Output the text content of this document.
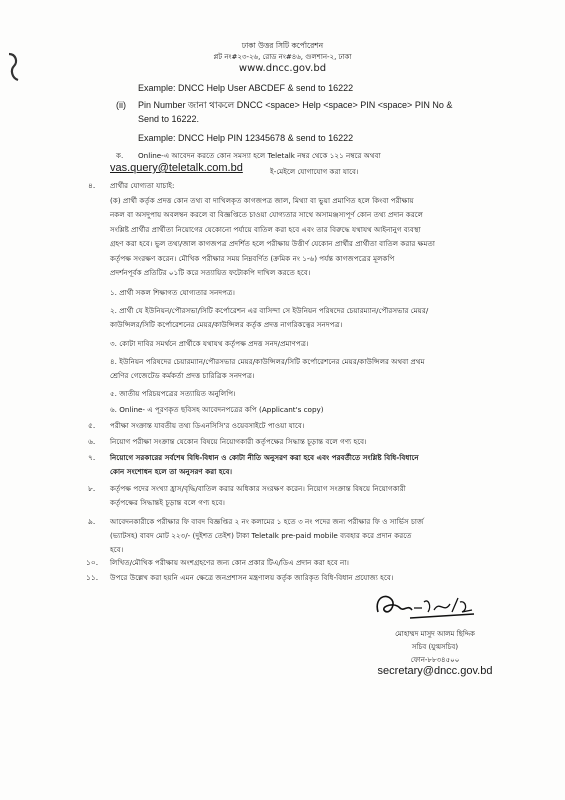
ঢাকা উত্তর সিটি কর্পোরেশন
প্লট নং#২৩-২৬, রোড নং#৪৬, গুলশান-২, ঢাকা
www.dncc.gov.bd
Example: DNCC Help User ABCDEF & send to 16222
(ii) Pin Number জানা থাকলে DNCC <space> Help <space> PIN <space> PIN No &
Send to 16222.
Example: DNCC Help PIN 12345678 & send to 16222
ক. Online-এ আবেদন করতে কোন সমস্যা হলে Teletalk নম্বর থেকে ১২১ নম্বরে অথবা
vas.query@teletalk.com.bd	ই-মেইলে যোগাযোগ করা যাবে।
৪. প্রার্থীর যোগ্যতা যাচাই:
(ক) প্রার্থী কর্তৃক প্রদত্ত কোন তথ্য বা দাখিলকৃত কাগজপত্র জাল, মিথ্যা বা ভুয়া প্রমাণিত হলে কিংবা পরীক্ষায়
নকল বা অসদুপায় অবলম্বন করলে বা বিজ্ঞপ্তিতে চাওয়া যোগ্যতার সাথে অসামঞ্জস্যপূর্ণ কোন তথ্য প্রদান করলে
সংশ্লিষ্ট প্রার্থীর প্রার্থীতা নিয়োগের যেকোনো পর্যায়ে বাতিল করা হবে এবং তার বিরুদ্ধে যথাযথ আইনানুগ ব্যবস্থা
গ্রহণ করা হবে। ভুল তথ্য/জাল কাগজপত্র প্রদর্শিত হলে পরীক্ষায় উত্তীর্ণ যেকোন প্রার্থীর প্রার্থীতা বাতিল করার ক্ষমতা
কর্তৃপক্ষ সংরক্ষণ করেন। মৌখিক পরীক্ষার সময় নিম্নবর্ণিত (ক্রমিক নং ১-৬) পর্যন্ত কাগজপত্রের মূলকপি
প্রদর্শনপূর্বক প্রতিটির ০১টি করে সত্যায়িত ফটোকপি দাখিল করতে হবে।
১. প্রার্থী সকল শিক্ষাগত যোগ্যতার সনদপত্র।
২. প্রার্থী যে ইউনিয়ন/পৌরসভা/সিটি কর্পোরেশন এর বাসিন্দা সে ইউনিয়ন পরিষদের চেয়ারম্যান/পৌরসভার মেয়র/
কাউন্সিলর/সিটি কর্পোরেশনের মেয়র/কাউন্সিলর কর্তৃক প্রদত্ত নাগরিকত্বের সনদপত্র।
৩. কোটা দাবির সমর্থনে প্রার্থীকে যথাযথ কর্তৃপক্ষ প্রদত্ত সনদ/প্রমাণপত্র।
৪. ইউনিয়ন পরিষদের চেয়ারম্যান/পৌরসভার মেয়র/কাউন্সিলর/সিটি কর্পোরেশনের মেয়র/কাউন্সিলর অথবা প্রথম
শ্রেণির গেজেটেড কর্মকর্তা প্রদত্ত চারিত্রিক সনদপত্র।
৫. জাতীয় পরিচয়পত্রের সত্যায়িত অনুলিপি।
৬. Online- এ পূরণকৃত ছবিসহ আবেদনপত্রের কপি (Applicant's copy)
৫. পরীক্ষা সংক্রান্ত যাবতীয় তথ্য ডিএনসিসি'র ওয়েবসাইটে পাওয়া যাবে।
৬. নিয়োগ পরীক্ষা সংক্রান্ত যেকোন বিষয়ে নিয়োগকারী কর্তৃপক্ষের সিদ্ধান্ত চূড়ান্ত বলে গণ্য হবে।
৭. নিয়োগে সরকারের সর্বশেষ বিধি-বিধান ও কোটা নীতি অনুসরণ করা হবে এবং পরবর্তীতে সংশ্লিষ্ট বিধি-বিধানে
কোন সংশোধন হলে তা অনুসরণ করা হবে।
৮. কর্তৃপক্ষ পদের সংখ্যা হ্রাস/বৃদ্ধি/বাতিল করার অধিকার সংরক্ষণ করেন। নিয়োগ সংক্রান্ত বিষয়ে নিয়োগকারী
কর্তৃপক্ষের সিদ্ধান্তই চূড়ান্ত বলে গণ্য হবে।
৯. আবেদনকারীকে পরীক্ষার ফি বাবদ বিজ্ঞপ্তির ২ নং কলামের ১ হতে ৩ নং পদের জন্য পরীক্ষার ফি ও সার্ভিস চার্জ
(ভ্যাটসহ) বাবদ মোট ২২৩/- (দুইশত তেইশ) টাকা Teletalk pre-paid mobile ব্যবহার করে প্রদান করতে
হবে।
১০. লিখিত/মৌখিক পরীক্ষায় অংশগ্রহণের জন্য কোন প্রকার টিএ/ডিএ প্রদান করা হবে না।
১১. উপরে উল্লেখ করা হয়নি এমন ক্ষেত্রে জনপ্রশাসন মন্ত্রণালয় কর্তৃক জারিকৃত বিধি-বিধান প্রযোজ্য হবে।
মোহাম্মদ মাসুদ আলম ছিদ্দিক
সচিব (যুগ্মসচিব)
ফোন-৮৮৩৪৫০০
secretary@dncc.gov.bd
